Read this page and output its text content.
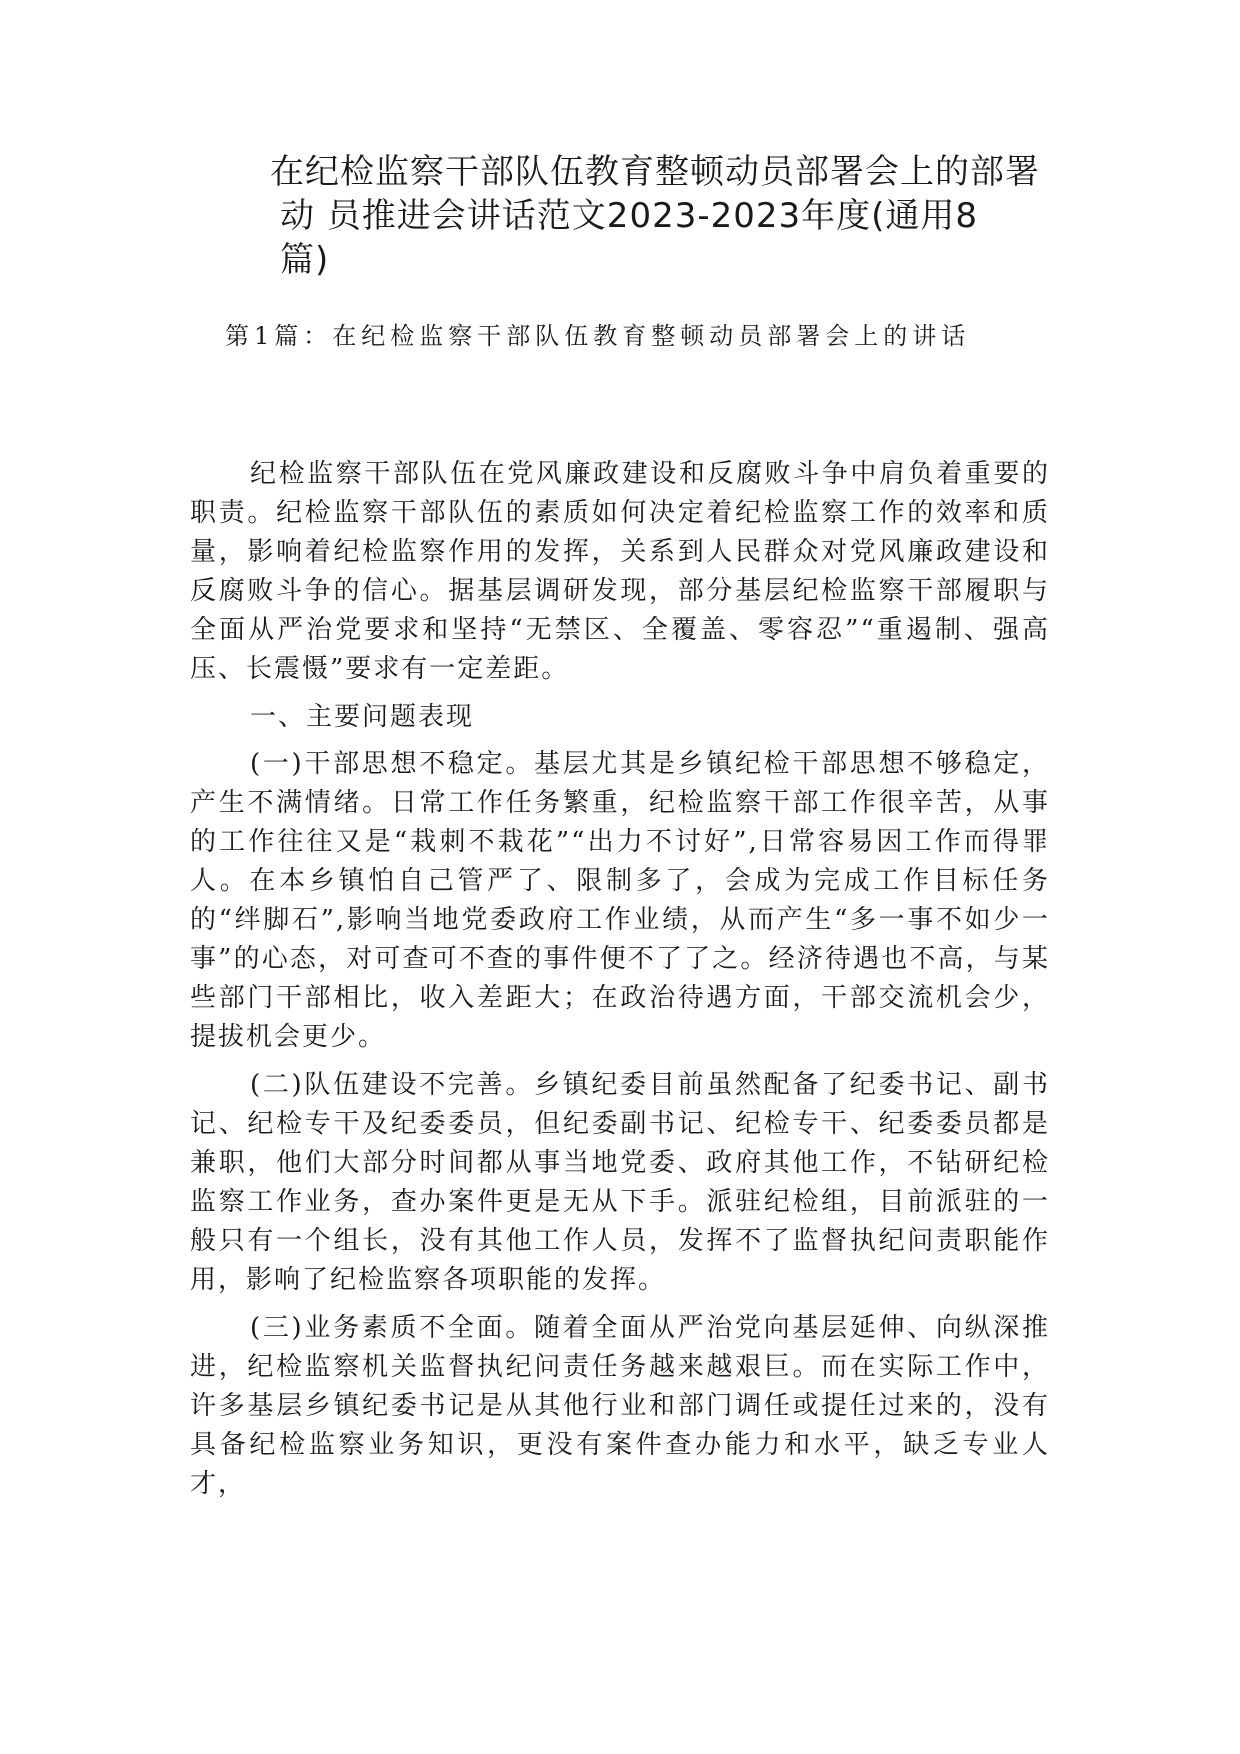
在纪检监察干部队伍教育整顿动员部署会上的部署
动 员推进会讲话范文2023-2023年度(通用8
篇)
第1篇：在纪检监察干部队伍教育整顿动员部署会上的讲话

纪检监察干部队伍在党风廉政建设和反腐败斗争中肩负着重要的职责。纪检监察干部队伍的素质如何决定着纪检监察工作的效率和质量，影响着纪检监察作用的发挥，关系到人民群众对党风廉政建设和反腐败斗争的信心。据基层调研发现，部分基层纪检监察干部履职与全面从严治党要求和坚持“无禁区、全覆盖、零容忍”“重遏制、强高压、长震慑”要求有一定差距。

一、主要问题表现

(一)干部思想不稳定。基层尤其是乡镇纪检干部思想不够稳定，产生不满情绪。日常工作任务繁重，纪检监察干部工作很辛苦，从事的工作往往又是“栽刺不栽花”“出力不讨好”,日常容易因工作而得罪人。在本乡镇怕自己管严了、限制多了，会成为完成工作目标任务的“绊脚石”,影响当地党委政府工作业绩，从而产生“多一事不如少一事”的心态，对可查可不查的事件便不了了之。经济待遇也不高，与某些部门干部相比，收入差距大；在政治待遇方面，干部交流机会少，提拔机会更少。

(二)队伍建设不完善。乡镇纪委目前虽然配备了纪委书记、副书记、纪检专干及纪委委员，但纪委副书记、纪检专干、纪委委员都是兼职，他们大部分时间都从事当地党委、政府其他工作，不钻研纪检监察工作业务，查办案件更是无从下手。派驻纪检组，目前派驻的一般只有一个组长，没有其他工作人员，发挥不了监督执纪问责职能作用，影响了纪检监察各项职能的发挥。

(三)业务素质不全面。随着全面从严治党向基层延伸、向纵深推进，纪检监察机关监督执纪问责任务越来越艰巨。而在实际工作中，许多基层乡镇纪委书记是从其他行业和部门调任或提任过来的，没有具备纪检监察业务知识，更没有案件查办能力和水平，缺乏专业人才，
